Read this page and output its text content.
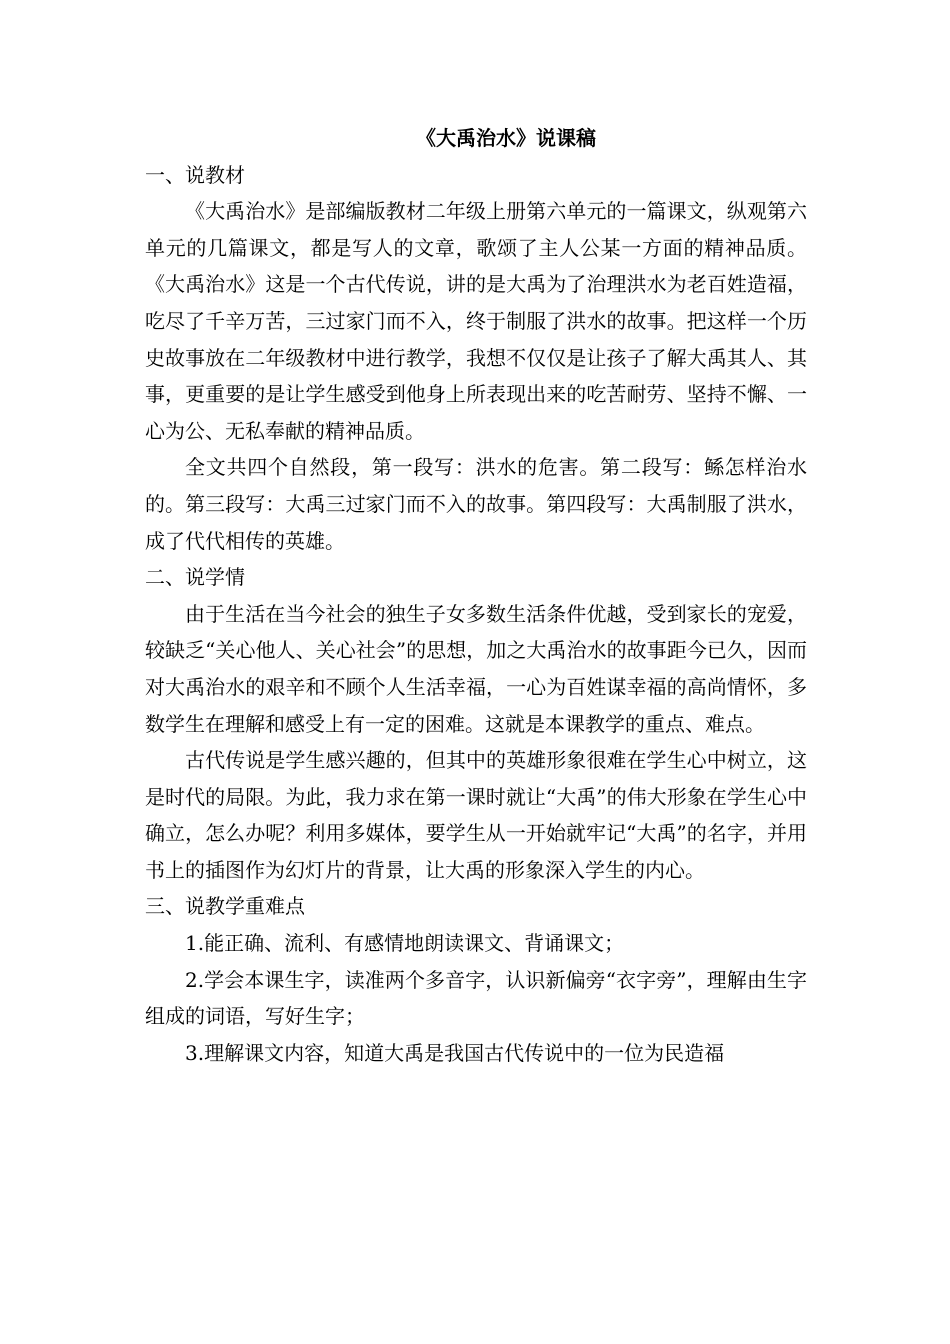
《大禹治水》说课稿

一、说教材

《大禹治水》是部编版教材二年级上册第六单元的一篇课文，纵观第六单元的几篇课文，都是写人的文章，歌颂了主人公某一方面的精神品质。《大禹治水》这是一个古代传说，讲的是大禹为了治理洪水为老百姓造福，吃尽了千辛万苦，三过家门而不入，终于制服了洪水的故事。把这样一个历史故事放在二年级教材中进行教学，我想不仅仅是让孩子了解大禹其人、其事，更重要的是让学生感受到他身上所表现出来的吃苦耐劳、坚持不懈、一心为公、无私奉献的精神品质。

全文共四个自然段，第一段写：洪水的危害。第二段写：鲧怎样治水的。第三段写：大禹三过家门而不入的故事。第四段写：大禹制服了洪水，成了代代相传的英雄。

二、说学情

由于生活在当今社会的独生子女多数生活条件优越，受到家长的宠爱，较缺乏“关心他人、关心社会”的思想，加之大禹治水的故事距今已久，因而对大禹治水的艰辛和不顾个人生活幸福，一心为百姓谋幸福的高尚情怀，多数学生在理解和感受上有一定的困难。这就是本课教学的重点、难点。

古代传说是学生感兴趣的，但其中的英雄形象很难在学生心中树立，这是时代的局限。为此，我力求在第一课时就让“大禹”的伟大形象在学生心中确立，怎么办呢？利用多媒体，要学生从一开始就牢记“大禹”的名字，并用书上的插图作为幻灯片的背景，让大禹的形象深入学生的内心。

三、说教学重难点

1.能正确、流利、有感情地朗读课文、背诵课文；

2.学会本课生字，读准两个多音字，认识新偏旁“衣字旁”，理解由生字组成的词语，写好生字；

3.理解课文内容，知道大禹是我国古代传说中的一位为民造福
